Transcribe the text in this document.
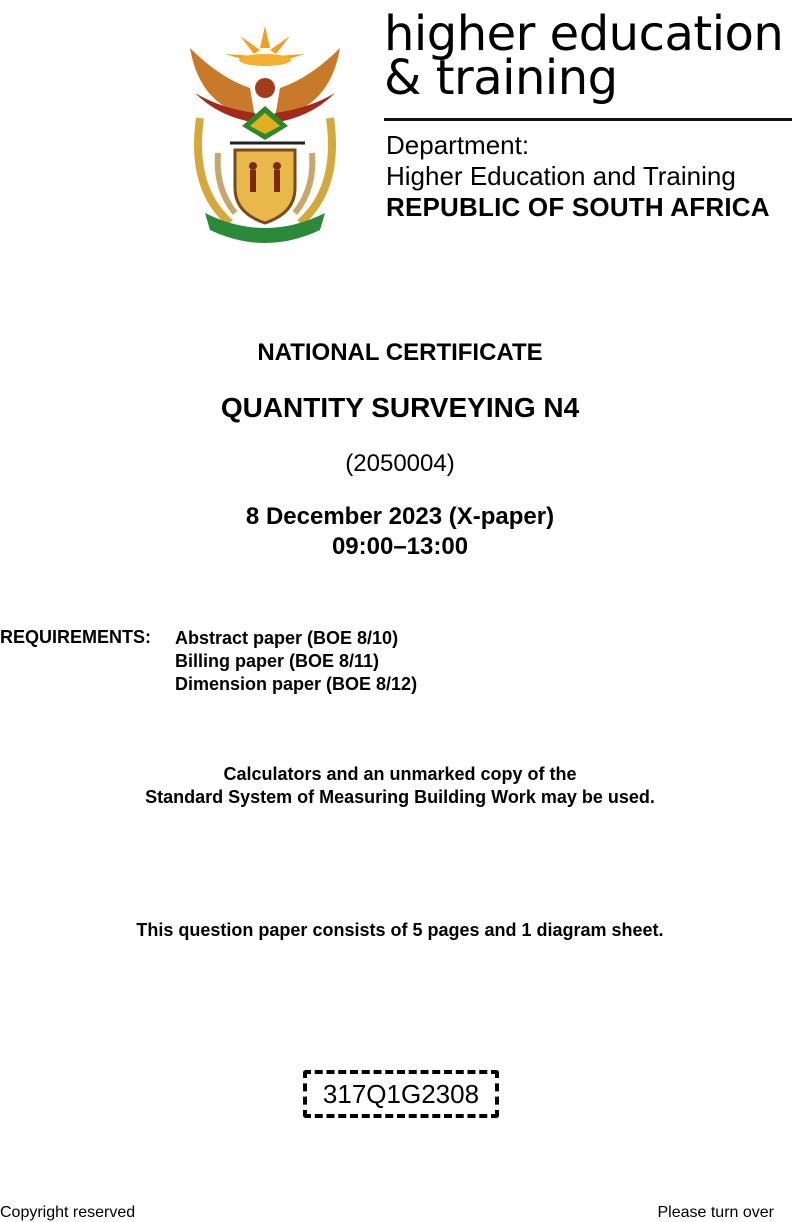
higher education
& training
Department:
Higher Education and Training
REPUBLIC OF SOUTH AFRICA
NATIONAL CERTIFICATE
QUANTITY SURVEYING N4
(2050004)
8 December 2023 (X-paper)
09:00–13:00
REQUIREMENTS: Abstract paper (BOE 8/10)
Billing paper (BOE 8/11)
Dimension paper (BOE 8/12)
Calculators and an unmarked copy of the
Standard System of Measuring Building Work may be used.
This question paper consists of 5 pages and 1 diagram sheet.
317Q1G2308
Copyright reserved	Please turn over
